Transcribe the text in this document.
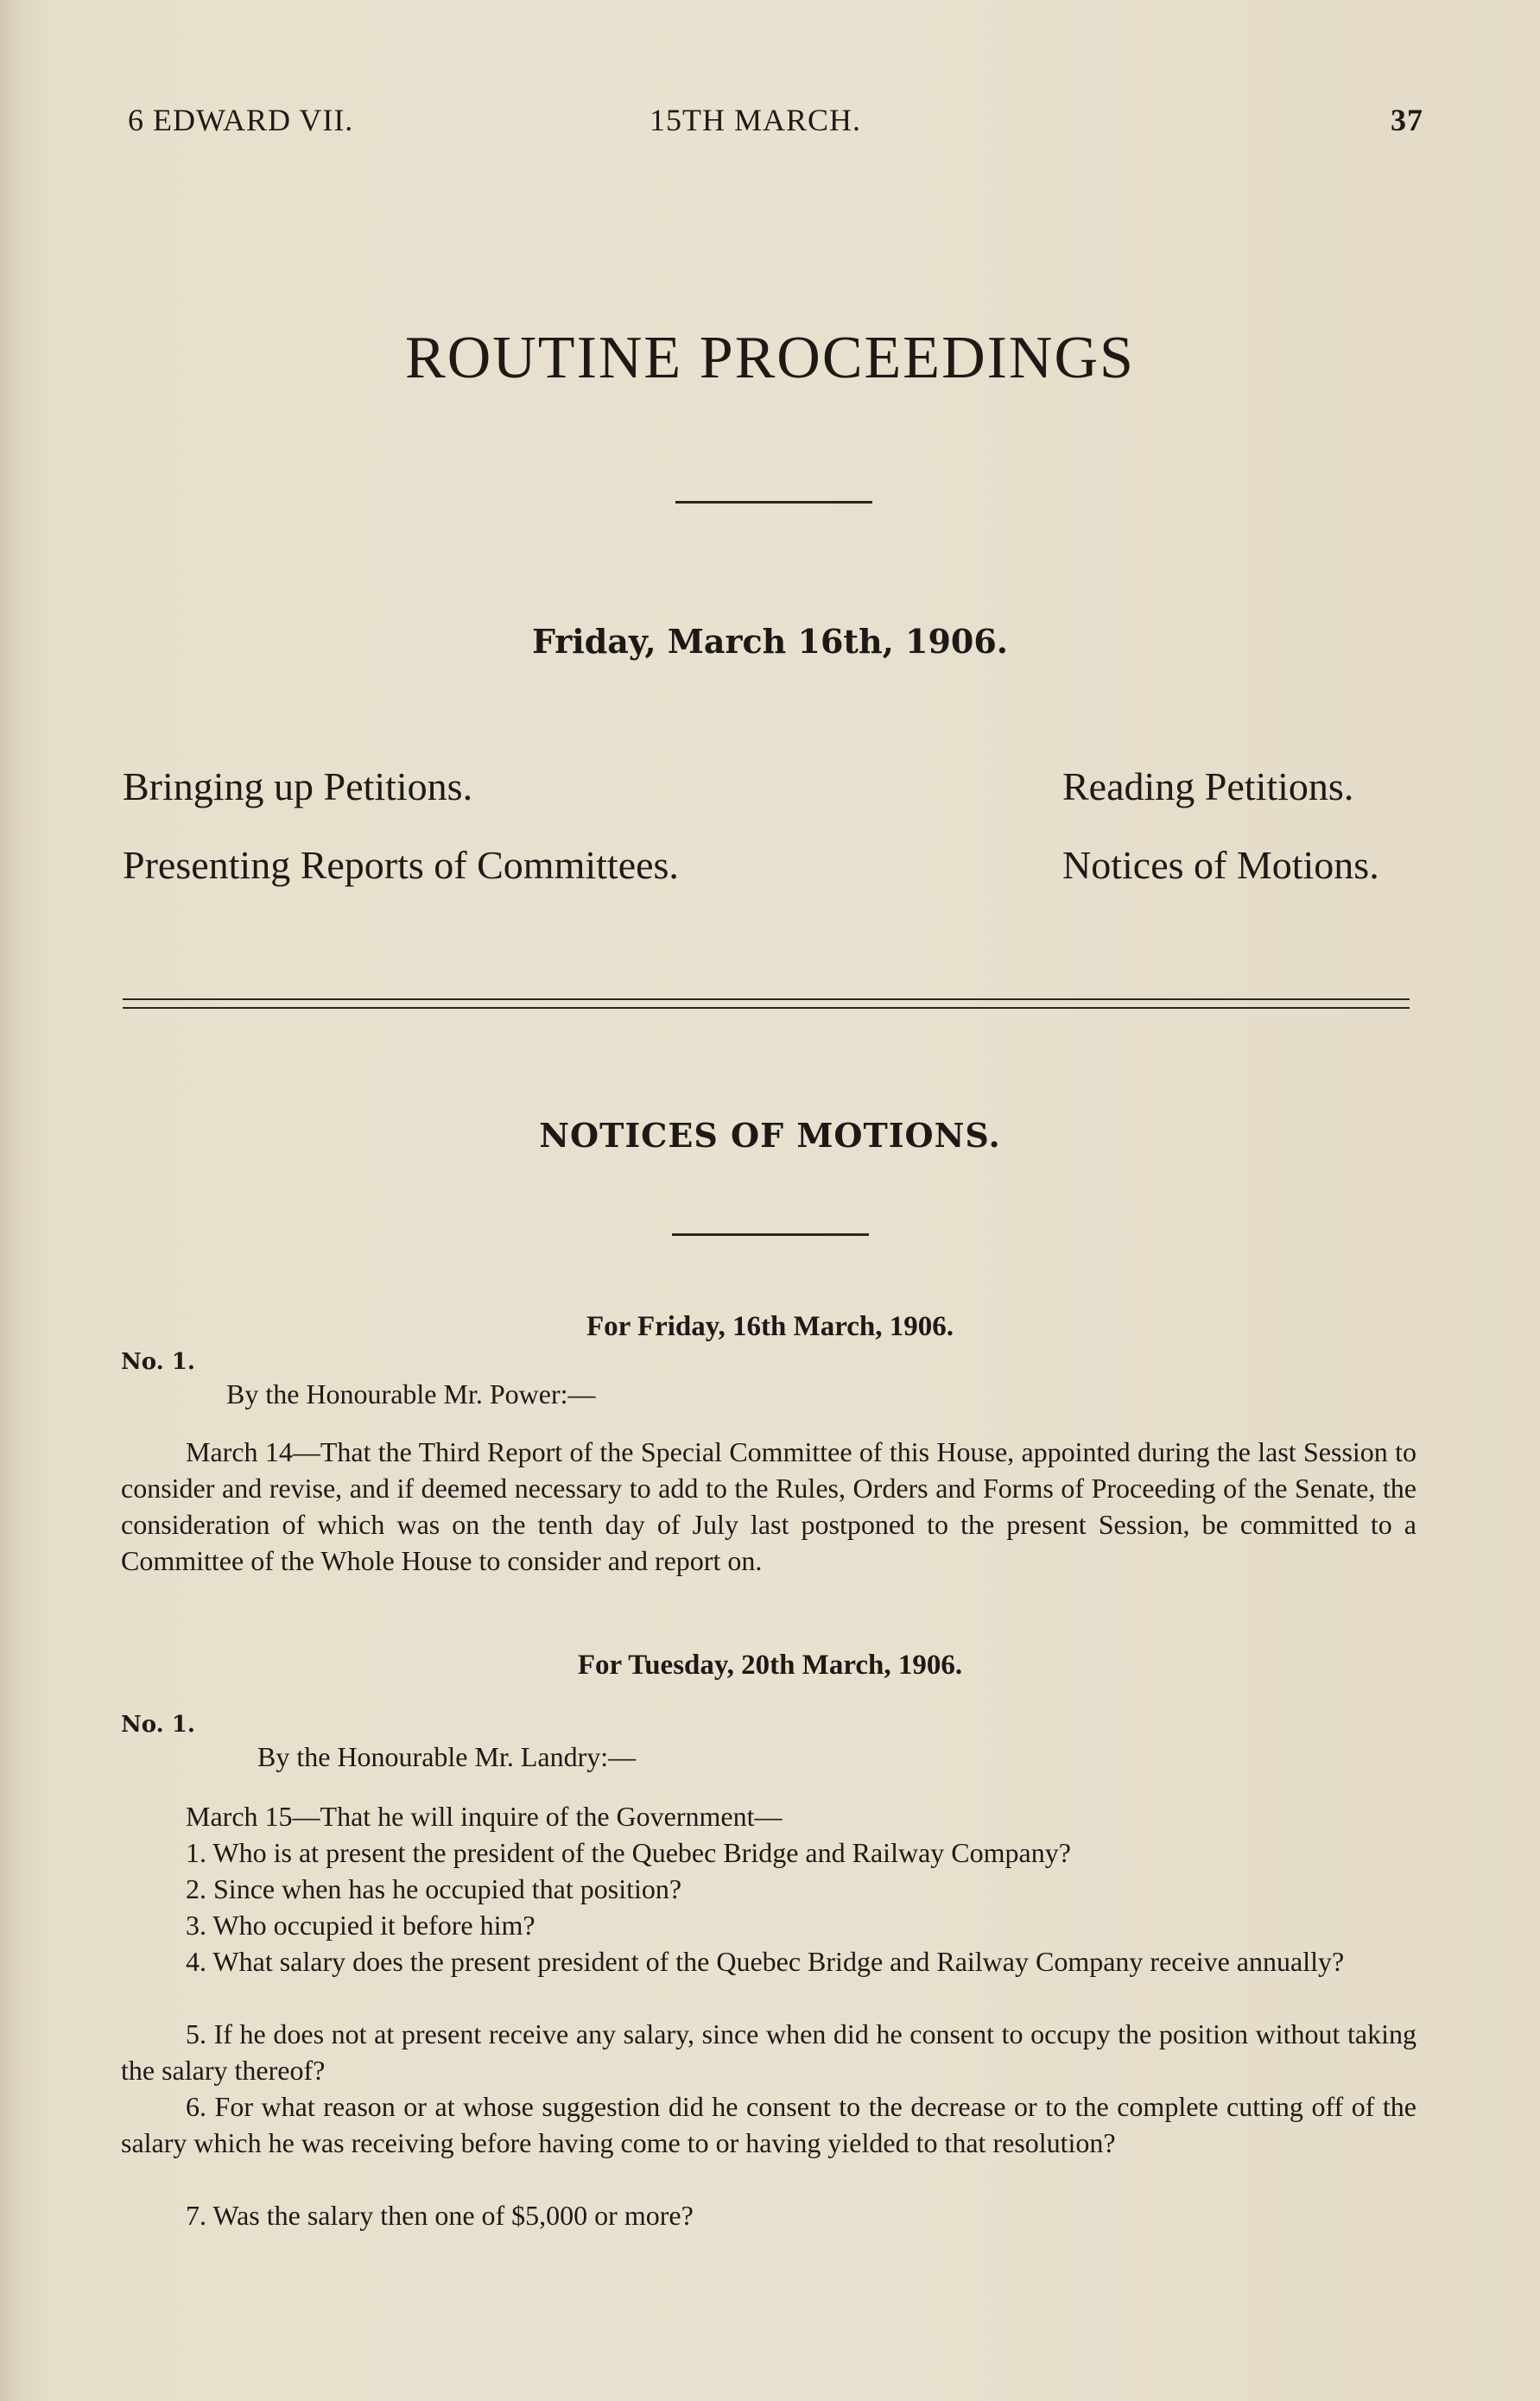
6 EDWARD VII.	15TH MARCH.	37
ROUTINE PROCEEDINGS
Friday, March 16th, 1906.
Bringing up Petitions.	Reading Petitions.
Presenting Reports of Committees.	Notices of Motions.
NOTICES OF MOTIONS.
For Friday, 16th March, 1906.
No. 1.
By the Honourable Mr. Power:—
March 14—That the Third Report of the Special Committee of this House, appointed during the last Session to consider and revise, and if deemed necessary to add to the Rules, Orders and Forms of Proceeding of the Senate, the consideration of which was on the tenth day of July last postponed to the present Session, be committed to a Committee of the Whole House to consider and report on.
For Tuesday, 20th March, 1906.
No. 1.
By the Honourable Mr. Landry:—
March 15—That he will inquire of the Government—
1. Who is at present the president of the Quebec Bridge and Railway Company?
2. Since when has he occupied that position?
3. Who occupied it before him?
4. What salary does the present president of the Quebec Bridge and Railway Company receive annually?
5. If he does not at present receive any salary, since when did he consent to occupy the position without taking the salary thereof?
6. For what reason or at whose suggestion did he consent to the decrease or to the complete cutting off of the salary which he was receiving before having come to or having yielded to that resolution?
7. Was the salary then one of $5,000 or more?
